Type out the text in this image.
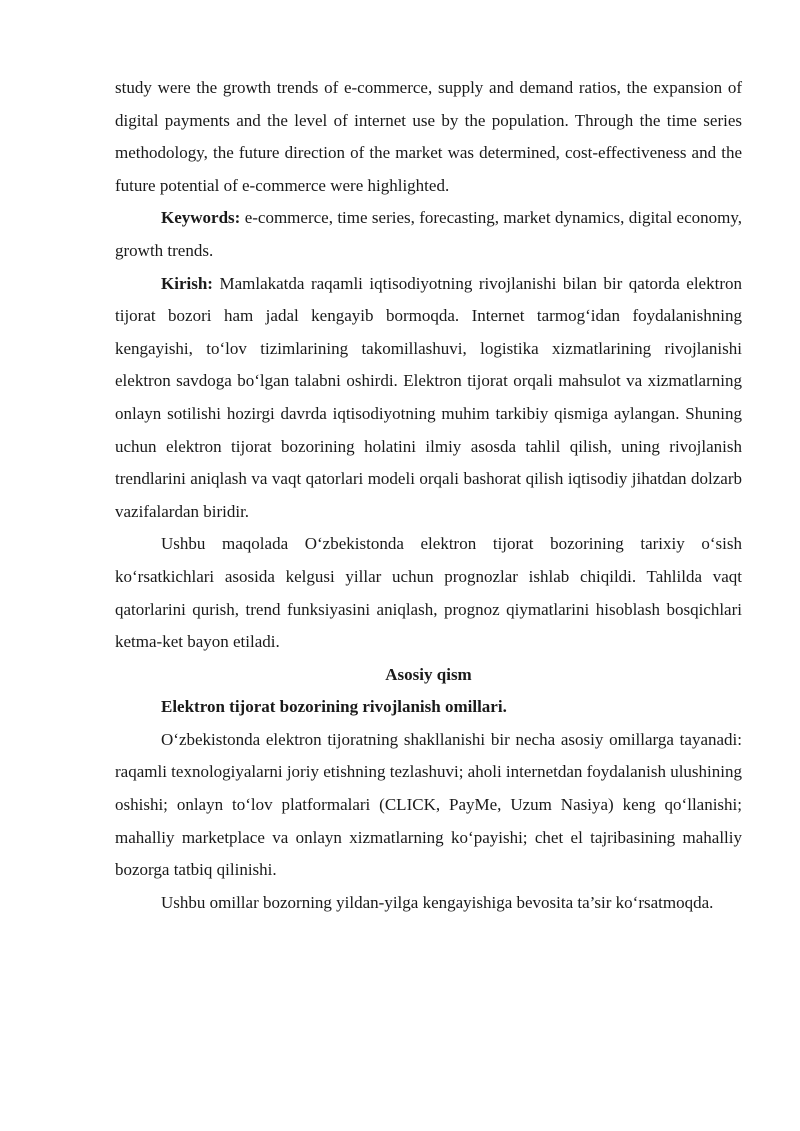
study were the growth trends of e-commerce, supply and demand ratios, the expansion of digital payments and the level of internet use by the population. Through the time series methodology, the future direction of the market was determined, cost-effectiveness and the future potential of e-commerce were highlighted.

Keywords: e-commerce, time series, forecasting, market dynamics, digital economy, growth trends.

Kirish: Mamlakatda raqamli iqtisodiyotning rivojlanishi bilan bir qatorda elektron tijorat bozori ham jadal kengayib bormoqda. Internet tarmog‘idan foydalanishning kengayishi, to‘lov tizimlarining takomillashuvi, logistika xizmatlarining rivojlanishi elektron savdoga bo‘lgan talabni oshirdi. Elektron tijorat orqali mahsulot va xizmatlarning onlayn sotilishi hozirgi davrda iqtisodiyotning muhim tarkibiy qismiga aylangan. Shuning uchun elektron tijorat bozorining holatini ilmiy asosda tahlil qilish, uning rivojlanish trendlarini aniqlash va vaqt qatorlari modeli orqali bashorat qilish iqtisodiy jihatdan dolzarb vazifalardan biridir.

Ushbu maqolada O‘zbekistonda elektron tijorat bozorining tarixiy o‘sish ko‘rsatkichlari asosida kelgusi yillar uchun prognozlar ishlab chiqildi. Tahlilda vaqt qatorlarini qurish, trend funksiyasini aniqlash, prognoz qiymatlarini hisoblash bosqichlari ketma-ket bayon etiladi.

Asosiy qism

Elektron tijorat bozorining rivojlanish omillari.

O‘zbekistonda elektron tijoratning shakllanishi bir necha asosiy omillarga tayanadi: raqamli texnologiyalarni joriy etishning tezlashuvi; aholi internetdan foydalanish ulushining oshishi; onlayn to‘lov platformalari (CLICK, PayMe, Uzum Nasiya) keng qo‘llanishi; mahalliy marketplace va onlayn xizmatlarning ko‘payishi; chet el tajribasining mahalliy bozorga tatbiq qilinishi.

Ushbu omillar bozorning yildan-yilga kengayishiga bevosita ta’sir ko‘rsatmoqda.
